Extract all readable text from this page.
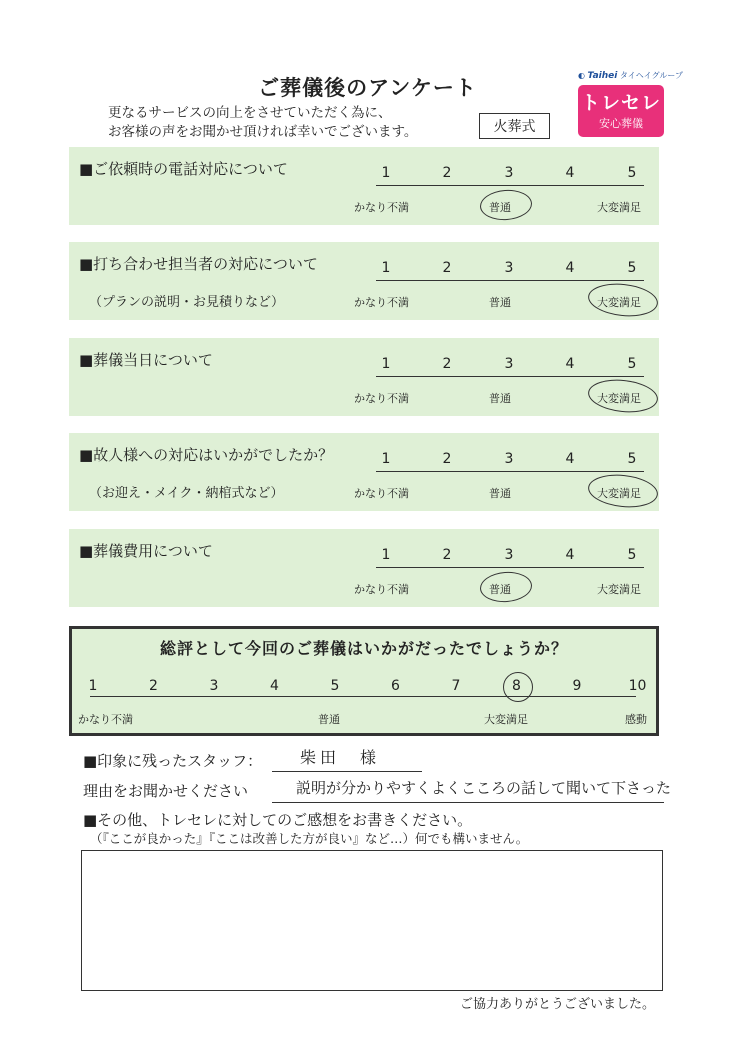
ご葬儀後のアンケート
更なるサービスの向上をさせていただく為に、
お客様の声をお聞かせ頂ければ幸いでございます。	火葬式
◐ Taihei タイヘイグループ
トレセレ
安心葬儀
■ご依頼時の電話対応について	1	2	3	4	5
かなり不満	普通	大変満足
■打ち合わせ担当者の対応について
（プランの説明・お見積りなど）
1	2	3	4	5
かなり不満	普通	大変満足
■葬儀当日について	1	2	3	4	5
かなり不満	普通	大変満足
■故人様への対応はいかがでしたか？
（お迎え・メイク・納棺式など）
1	2	3	4	5
かなり不満	普通	大変満足
■葬儀費用について	1	2	3	4	5
かなり不満	普通	大変満足
総評として今回のご葬儀はいかがだったでしょうか？
1	2	3	4	5	6	7	8	9	10
かなり不満	普通	大変満足	感動
■印象に残ったスタッフ： 柴田　様
理由をお聞かせください	説明が分かりやすくよくこころの話して聞いて下さった
■その他、トレセレに対してのご感想をお書きください。
（『ここが良かった』『ここは改善した方が良い』など…）何でも構いません。
ご協力ありがとうございました。
